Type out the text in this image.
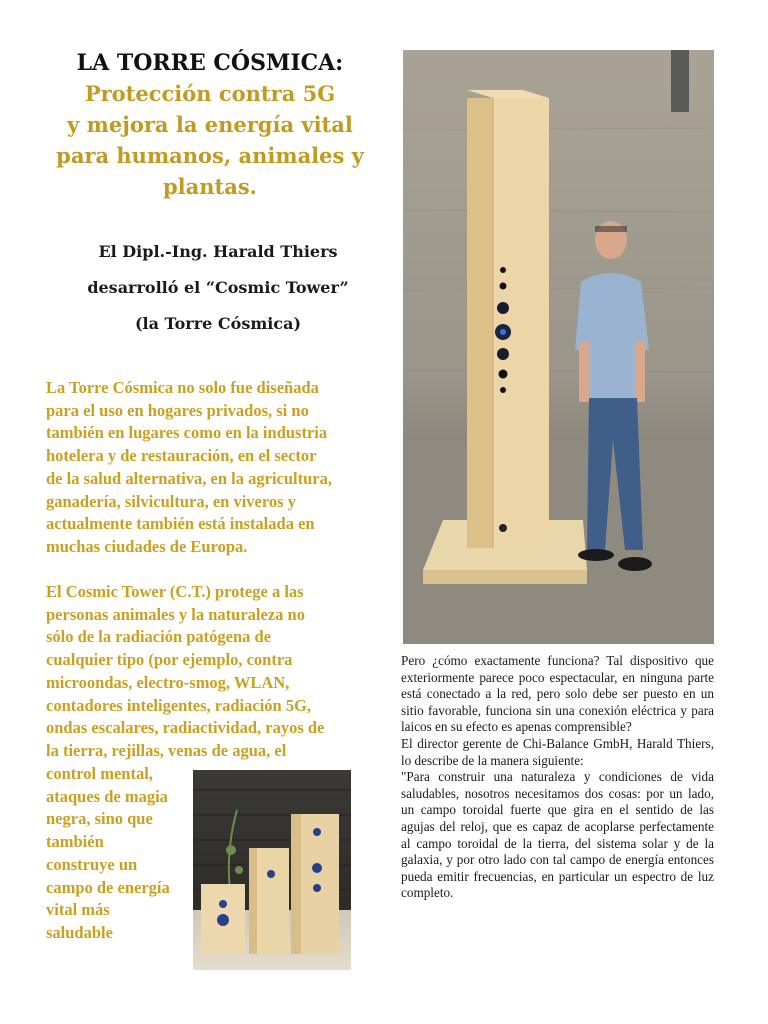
LA TORRE CÓSMICA:
Protección contra 5G
y mejora la energía vital
para humanos, animales y
plantas.
El Dipl.-Ing. Harald Thiers
desarrolló el “Cosmic Tower”
(la Torre Cósmica)
La Torre Cósmica no solo fue diseñada
para el uso en hogares privados, si no
también en lugares como en la industria
hotelera y de restauración, en el sector
de la salud alternativa, en la agricultura,
ganadería, silvicultura, en viveros y
actualmente también está instalada en
muchas ciudades de Europa.
El Cosmic Tower (C.T.) protege a las
personas animales y la naturaleza no
sólo de la radiación patógena de
cualquier tipo (por ejemplo, contra
microondas, electro-smog, WLAN,
contadores inteligentes, radiación 5G,
ondas escalares, radiactividad, rayos de
la tierra, rejillas, venas de agua, el
control mental,
ataques de magia
negra, sino que
también
construye un
campo de energía
vital más
saludable

Pero ¿cómo exactamente funciona? Tal dispositivo que exteriormente parece poco espectacular, en ninguna parte está conectado a la red, pero solo debe ser puesto en un sitio favorable, funciona sin una conexión eléctrica y para laicos en su efecto es apenas comprensible?

El director gerente de Chi-Balance GmbH, Harald Thiers, lo describe de la manera siguiente:

"Para construir una naturaleza y condiciones de vida saludables, nosotros necesitamos dos cosas: por un lado, un campo toroidal fuerte que gira en el sentido de las agujas del reloj, que es capaz de acoplarse perfectamente al campo toroidal de la tierra, del sistema solar y de la galaxia, y por otro lado con tal campo de energía entonces pueda emitir frecuencias, en particular un espectro de luz completo.
